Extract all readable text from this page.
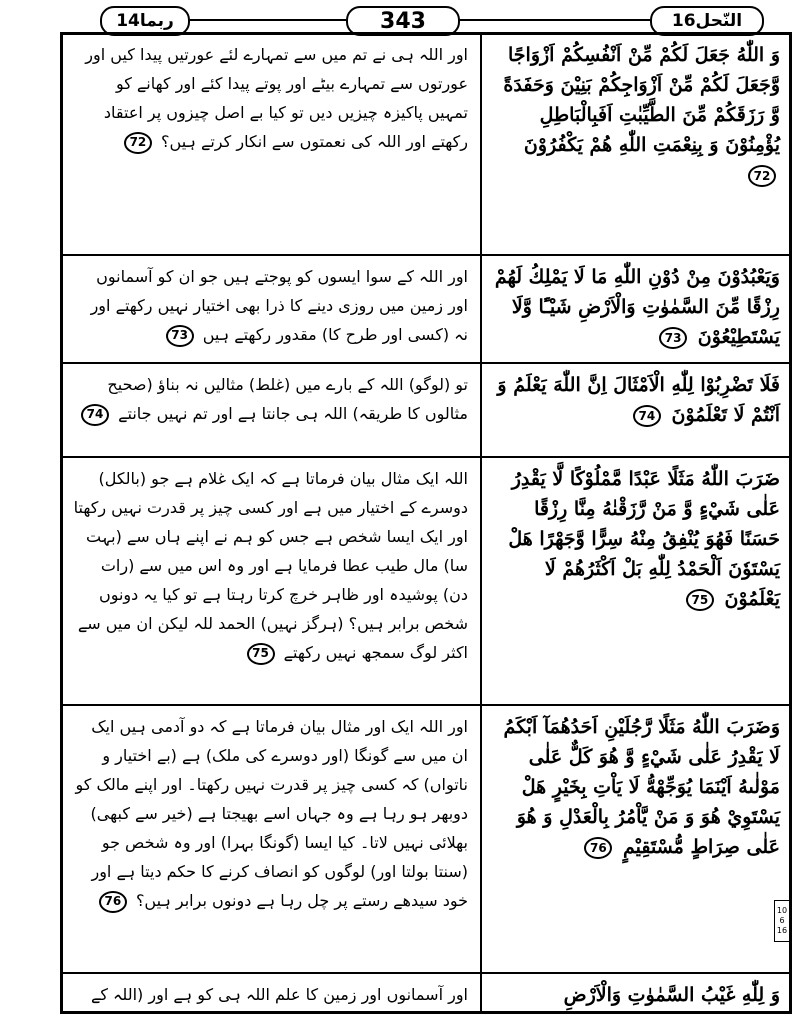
ربما14	343	النّحل16
وَ اللّٰهُ جَعَلَ لَكُمْ مِّنْ اَنْفُسِكُمْ اَزْوَاجًا وَّجَعَلَ لَكُمْ مِّنْ اَزْوَاجِكُمْ بَنِيْنَ وَحَفَدَةً وَّ رَزَقَكُمْ مِّنَ الطَّيِّبٰتِ اَفَبِالْبَاطِلِ يُؤْمِنُوْنَ وَ بِنِعْمَتِ اللّٰهِ هُمْ يَكْفُرُوْنَ 72
اور اللہ ہی نے تم میں سے تمہارے لئے عورتیں پیدا کیں اور عورتوں سے تمہارے بیٹے اور پوتے پیدا کئے اور کھانے کو تمہیں پاکیزہ چیزیں دیں تو کیا بے اصل چیزوں پر اعتقاد رکھتے اور اللہ کی نعمتوں سے انکار کرتے ہیں؟ 72
وَيَعْبُدُوْنَ مِنْ دُوْنِ اللّٰهِ مَا لَا يَمْلِكُ لَهُمْ رِزْقًا مِّنَ السَّمٰوٰتِ وَالْاَرْضِ شَيْـًٔا وَّلَا يَسْتَطِيْعُوْنَ 73
اور اللہ کے سوا ایسوں کو پوجتے ہیں جو ان کو آسمانوں اور زمین میں روزی دینے کا ذرا بھی اختیار نہیں رکھتے اور نہ (کسی اور طرح کا) مقدور رکھتے ہیں 73
فَلَا تَضْرِبُوْا لِلّٰهِ الْاَمْثَالَ اِنَّ اللّٰهَ يَعْلَمُ وَ اَنْتُمْ لَا تَعْلَمُوْنَ 74
تو (لوگو) اللہ کے بارے میں (غلط) مثالیں نہ بناؤ (صحیح مثالوں کا طریقہ) اللہ ہی جانتا ہے اور تم نہیں جانتے 74
ضَرَبَ اللّٰهُ مَثَلًا عَبْدًا مَّمْلُوْكًا لَّا يَقْدِرُ عَلٰى شَيْءٍ وَّ مَنْ رَّزَقْنٰهُ مِنَّا رِزْقًا حَسَنًا فَهُوَ يُنْفِقُ مِنْهُ سِرًّا وَّجَهْرًا هَلْ يَسْتَوٗنَ اَلْحَمْدُ لِلّٰهِ بَلْ اَكْثَرُهُمْ لَا يَعْلَمُوْنَ 75
اللہ ایک مثال بیان فرماتا ہے کہ ایک غلام ہے جو (بالکل) دوسرے کے اختیار میں ہے اور کسی چیز پر قدرت نہیں رکھتا اور ایک ایسا شخص ہے جس کو ہم نے اپنے ہاں سے (بہت سا) مال طیب عطا فرمایا ہے اور وہ اس میں سے (رات دن) پوشیدہ اور ظاہر خرچ کرتا رہتا ہے تو کیا یہ دونوں شخص برابر ہیں؟ (ہرگز نہیں) الحمد للہ لیکن ان میں سے اکثر لوگ سمجھ نہیں رکھتے 75
وَضَرَبَ اللّٰهُ مَثَلًا رَّجُلَيْنِ اَحَدُهُمَآ اَبْكَمُ لَا يَقْدِرُ عَلٰى شَيْءٍ وَّ هُوَ كَلٌّ عَلٰى مَوْلٰىهُ اَيْنَمَا يُوَجِّهْهُّ لَا يَاْتِ بِخَيْرٍ هَلْ يَسْتَوِيْ هُوَ وَ مَنْ يَّاْمُرُ بِالْعَدْلِ وَ هُوَ عَلٰى صِرَاطٍ مُّسْتَقِيْمٍ 76
اور اللہ ایک اور مثال بیان فرماتا ہے کہ دو آدمی ہیں ایک ان میں سے گونگا (اور دوسرے کی ملک) ہے (بے اختیار و ناتواں) کہ کسی چیز پر قدرت نہیں رکھتا۔ اور اپنے مالک کو دوبھر ہو رہا ہے وہ جہاں اسے بھیجتا ہے (خیر سے کبھی) بھلائی نہیں لاتا۔ کیا ایسا (گونگا بہرا) اور وہ شخص جو (سنتا بولتا اور) لوگوں کو انصاف کرنے کا حکم دیتا ہے اور خود سیدھے رستے پر چل رہا ہے دونوں برابر ہیں؟ 76
وَ لِلّٰهِ غَيْبُ السَّمٰوٰتِ وَالْاَرْضِ
اور آسمانوں اور زمین کا علم اللہ ہی کو ہے اور (اللہ کے
10
6
16
